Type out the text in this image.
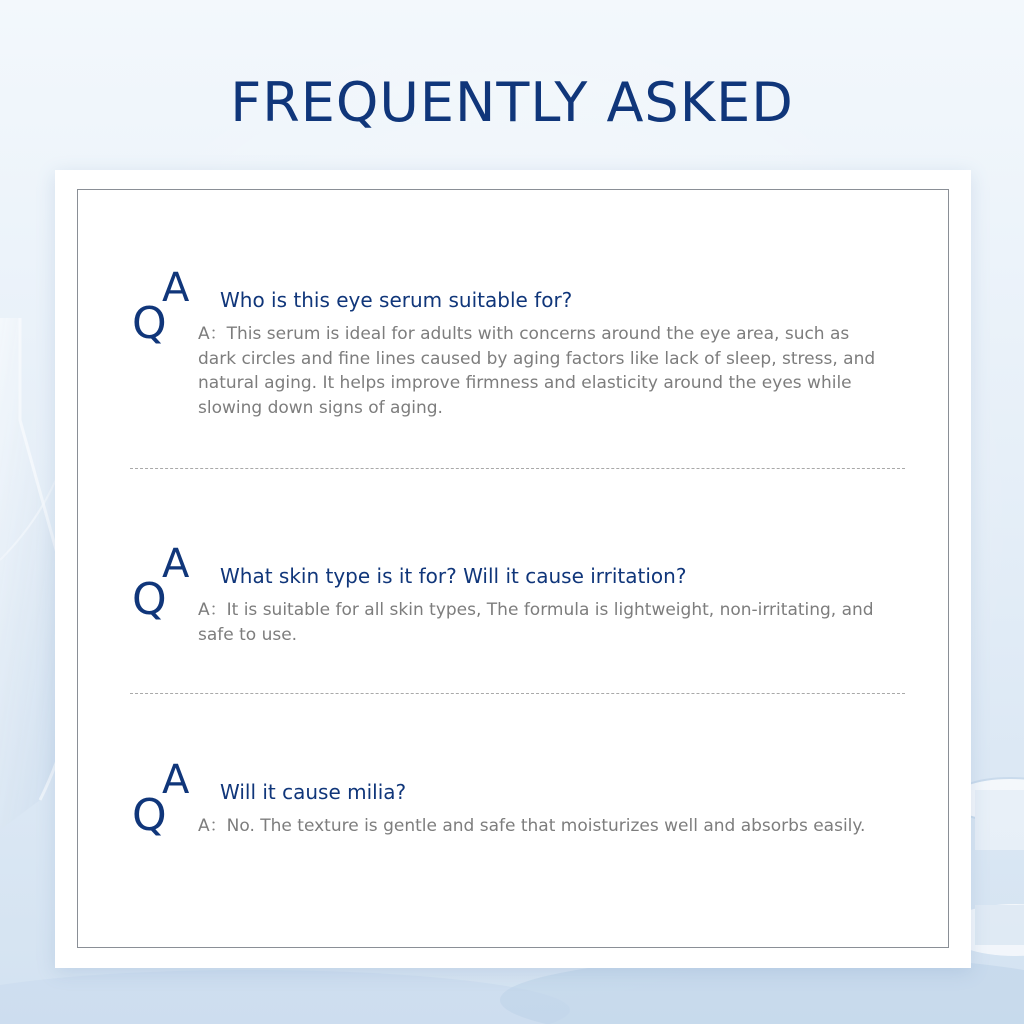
FREQUENTLY ASKED
A
Q	Who is this eye serum suitable for?

A：This serum is ideal for adults with concerns around the eye area, such as dark circles and fine lines caused by aging factors like lack of sleep, stress, and natural aging. It helps improve firmness and elasticity around the eyes while slowing down signs of aging.

A
Q	What skin type is it for? Will it cause irritation?

A：It is suitable for all skin types, The formula is lightweight, non-irritating, and safe to use.

A
Q	Will it cause milia?

A：No. The texture is gentle and safe that moisturizes well and absorbs easily.
